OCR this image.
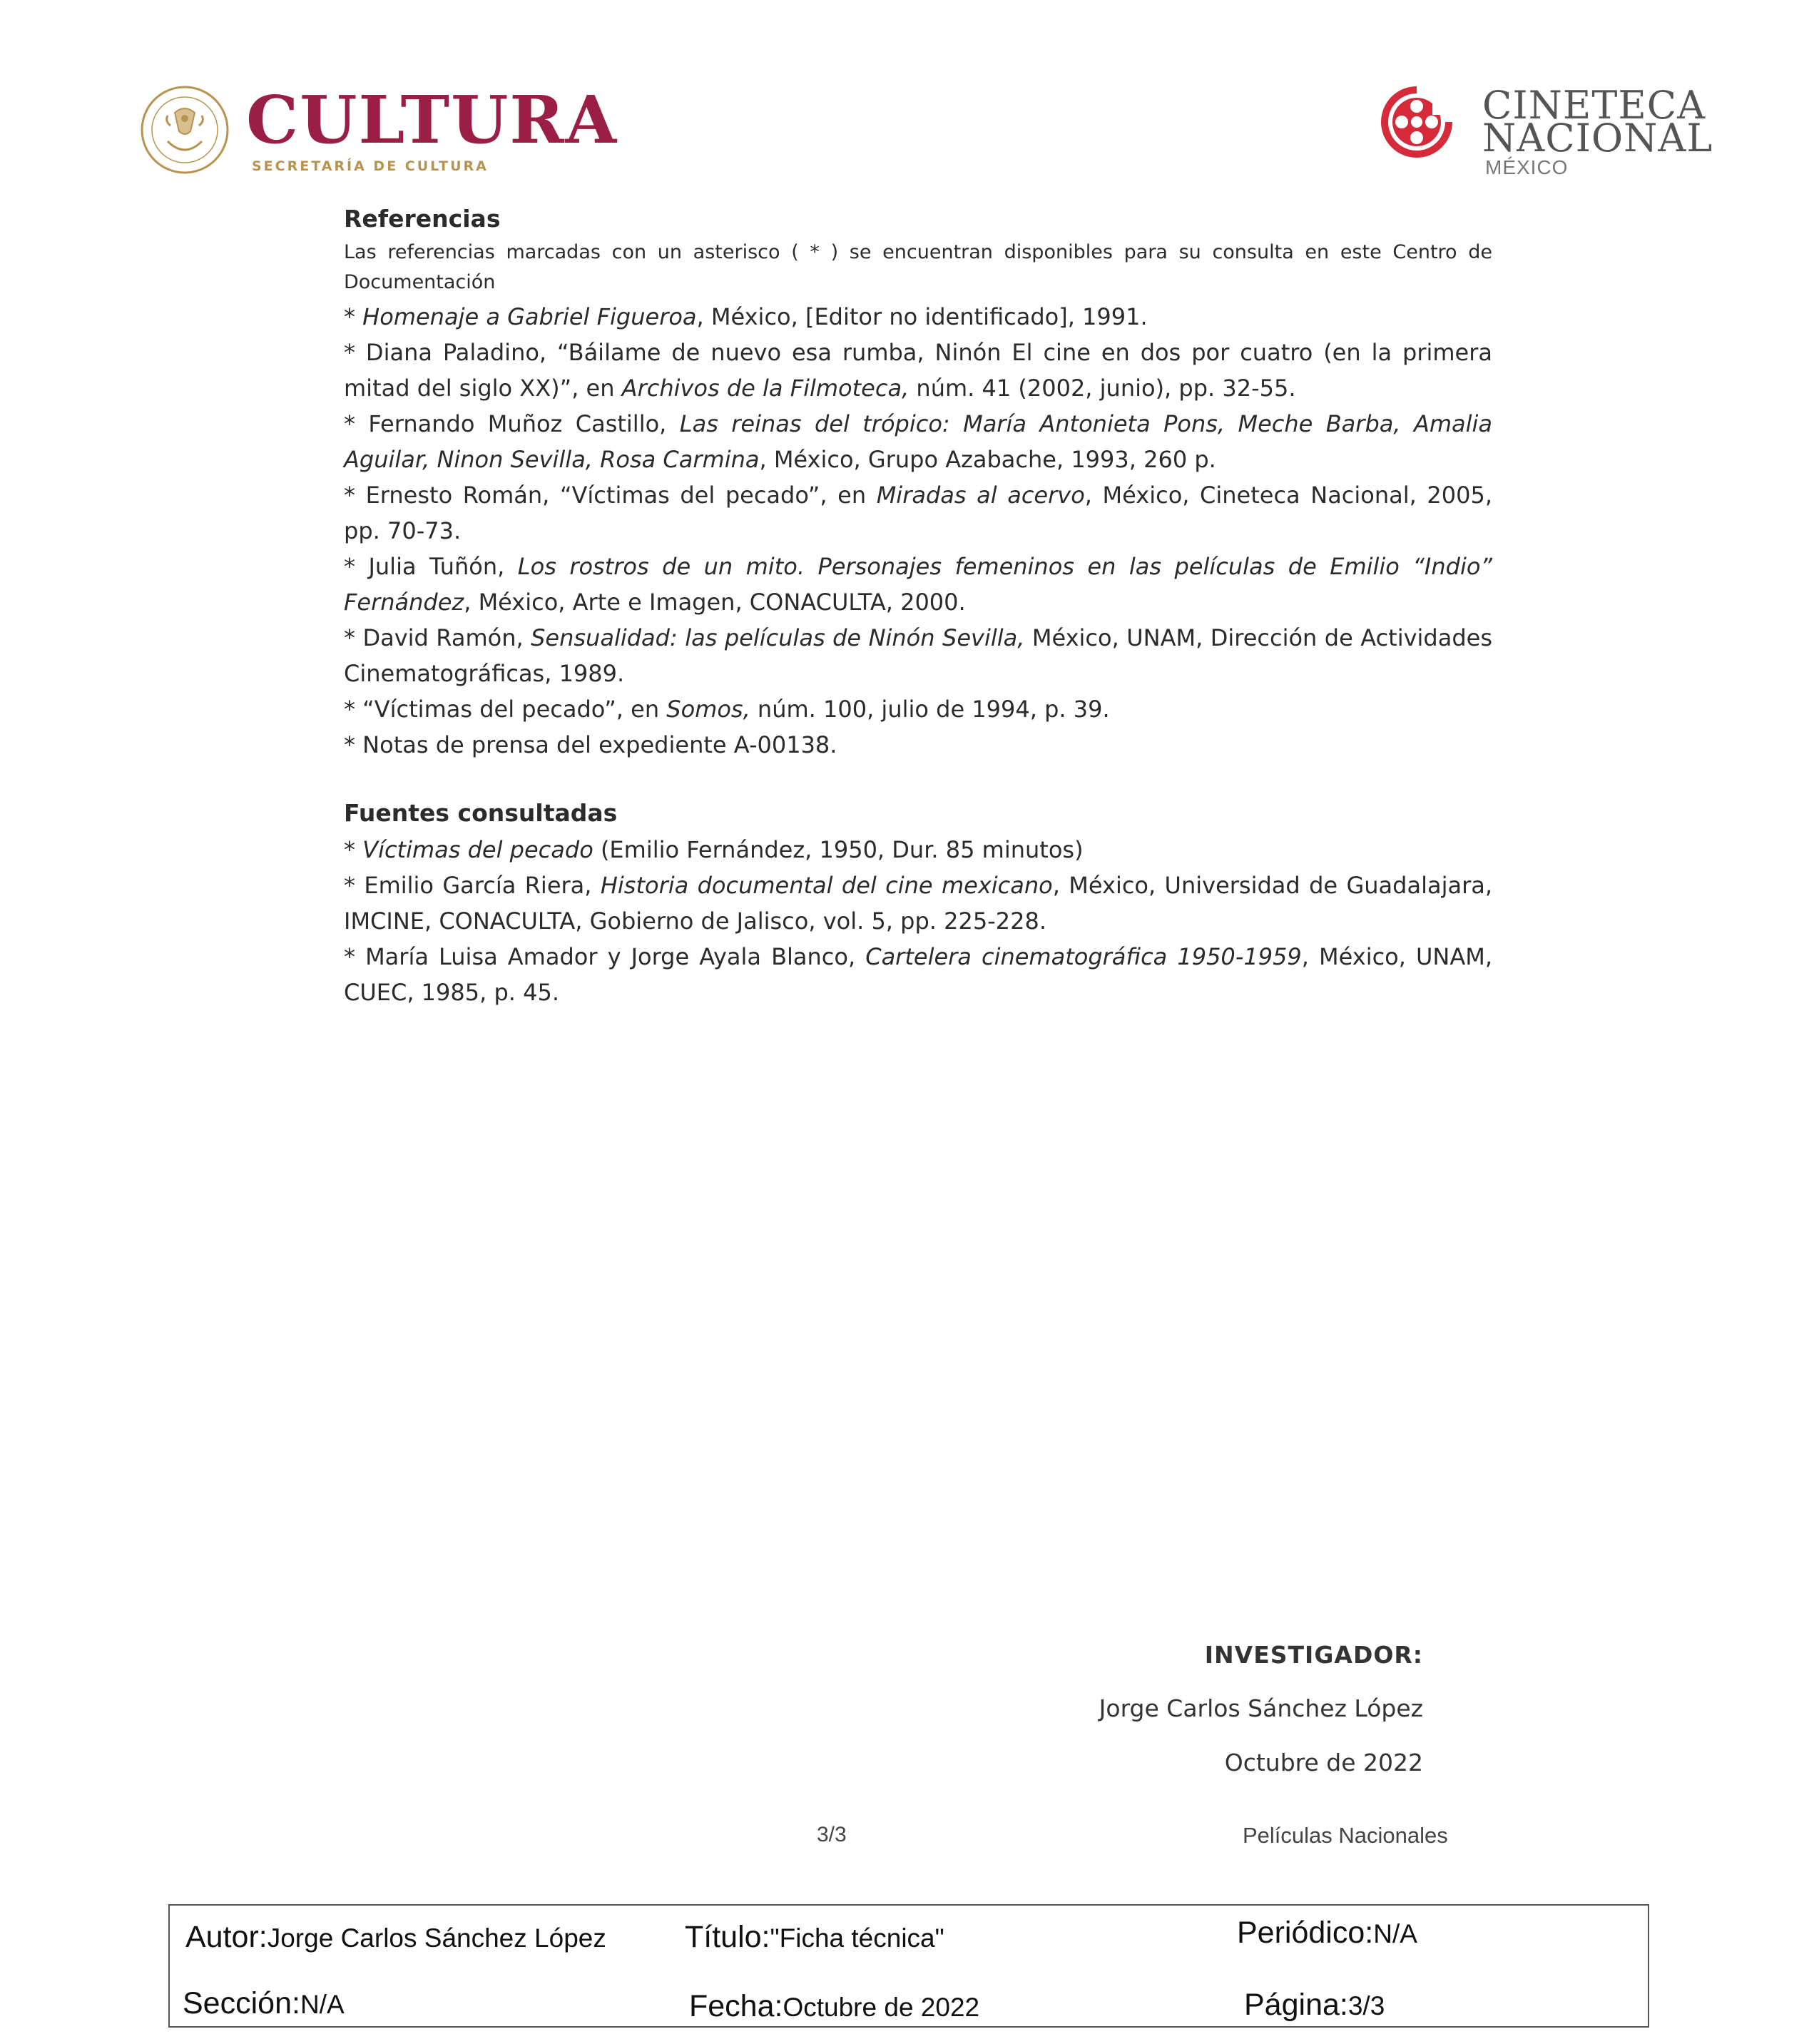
CULTURA
SECRETARÍA DE CULTURA
CINETECA
NACIONAL
MÉXICO
Referencias
Las referencias marcadas con un asterisco ( * ) se encuentran disponibles para su consulta en este Centro de Documentación

* Homenaje a Gabriel Figueroa, México, [Editor no identificado], 1991.

* Diana Paladino, “Báilame de nuevo esa rumba, Ninón El cine en dos por cuatro (en la primera mitad del siglo XX)”, en Archivos de la Filmoteca, núm. 41 (2002, junio), pp. 32-55.

* Fernando Muñoz Castillo, Las reinas del trópico: María Antonieta Pons, Meche Barba, Amalia Aguilar, Ninon Sevilla, Rosa Carmina, México, Grupo Azabache, 1993, 260 p.

* Ernesto Román, “Víctimas del pecado”, en Miradas al acervo, México, Cineteca Nacional, 2005, pp. 70-73.

* Julia Tuñón, Los rostros de un mito. Personajes femeninos en las películas de Emilio “Indio” Fernández, México, Arte e Imagen, CONACULTA, 2000.

* David Ramón, Sensualidad: las películas de Ninón Sevilla, México, UNAM, Dirección de Actividades Cinematográficas, 1989.

* “Víctimas del pecado”, en Somos, núm. 100, julio de 1994, p. 39.

* Notas de prensa del expediente A-00138.

Fuentes consultadas

* Víctimas del pecado (Emilio Fernández, 1950, Dur. 85 minutos)

* Emilio García Riera, Historia documental del cine mexicano, México, Universidad de Guadalajara, IMCINE, CONACULTA, Gobierno de Jalisco, vol. 5, pp. 225-228.

* María Luisa Amador y Jorge Ayala Blanco, Cartelera cinematográfica 1950-1959, México, UNAM, CUEC, 1985, p. 45.

INVESTIGADOR:
Jorge Carlos Sánchez López
Octubre de 2022
3/3	Películas Nacionales
Autor:Jorge Carlos Sánchez López	Título:"Ficha técnica"	Periódico:N/A
Sección:N/A	Fecha:Octubre de 2022	Página:3/3
